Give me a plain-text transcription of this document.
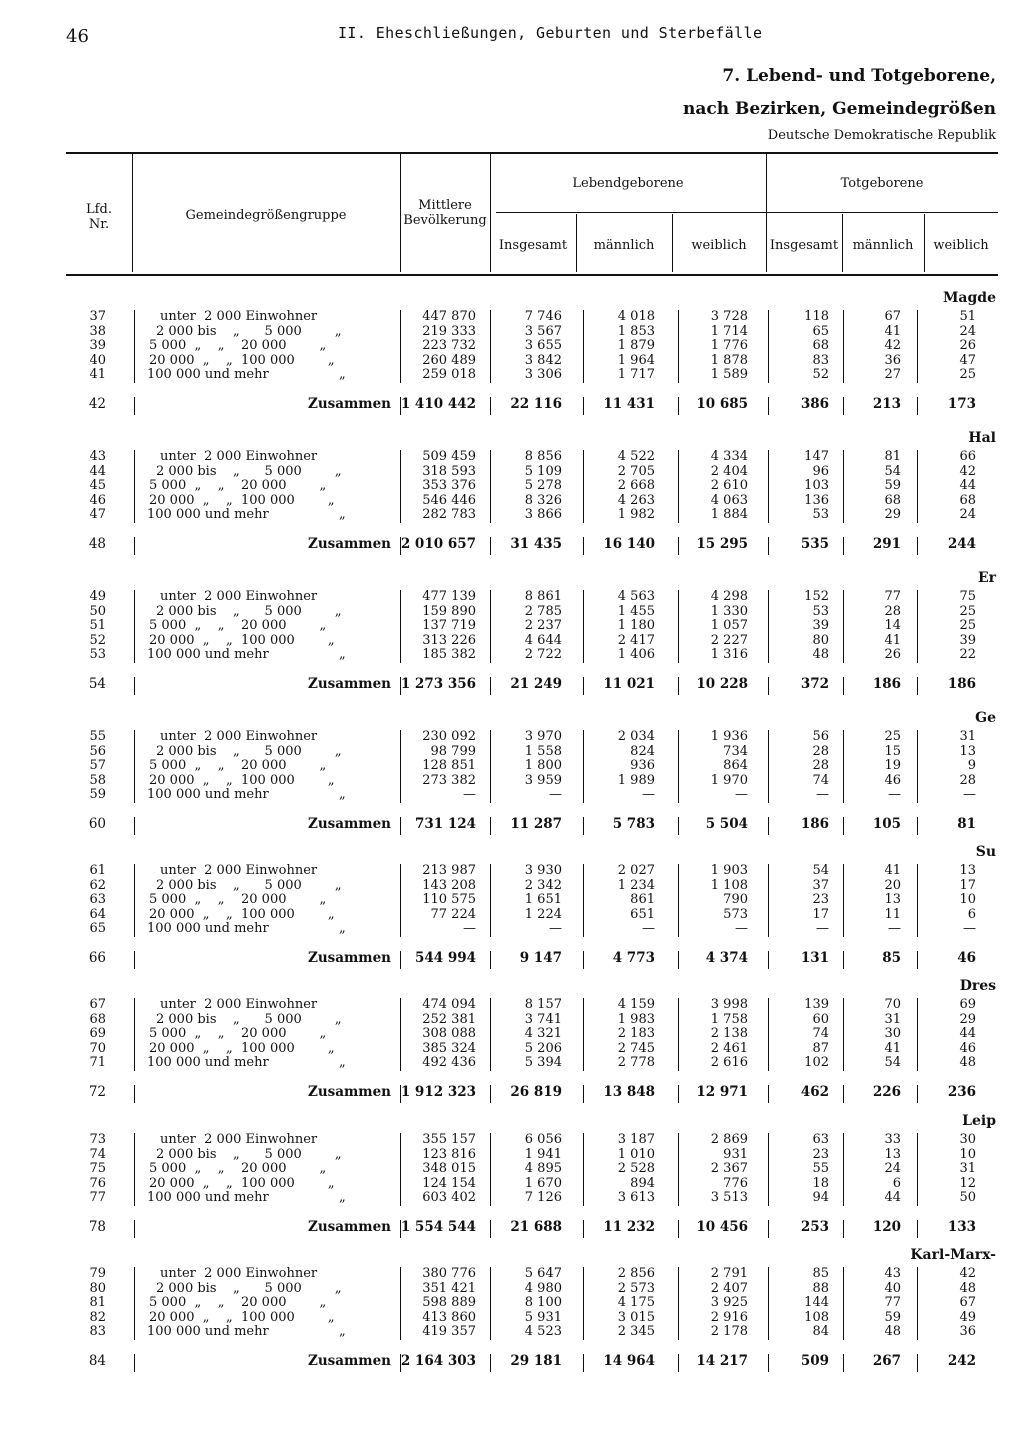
46	II. Eheschließungen, Geburten und Sterbefälle
7. Lebend- und Totgeborene,
nach Bezirken, Gemeindegrößen
Deutsche Demokratische Republik
Lfd.
Nr.
Gemeindegrößengruppe
Mittlere
Bevölkerung
Lebendgeborene	Totgeborene
Insgesamt	männlich	weiblich	Insgesamt	männlich	weiblich
Magde
37	unter  2 000 Einwohner	447 870	7 746	4 018	3 728	118	67	51
38	2 000 bis    „      5 000        „	219 333	3 567	1 853	1 714	65	41	24
39	5 000  „    „    20 000        „	223 732	3 655	1 879	1 776	68	42	26
40	20 000  „    „  100 000        „	260 489	3 842	1 964	1 878	83	36	47
41	100 000 und mehr                 „	259 018	3 306	1 717	1 589	52	27	25
42	Zusammen 1 410 442	22 116	11 431	10 685	386	213	173
Hal
43	unter  2 000 Einwohner	509 459	8 856	4 522	4 334	147	81	66
44	2 000 bis    „      5 000        „	318 593	5 109	2 705	2 404	96	54	42
45	5 000  „    „    20 000        „	353 376	5 278	2 668	2 610	103	59	44
46	20 000  „    „  100 000        „	546 446	8 326	4 263	4 063	136	68	68
47	100 000 und mehr                 „	282 783	3 866	1 982	1 884	53	29	24
48	Zusammen 2 010 657	31 435	16 140	15 295	535	291	244
Er
49	unter  2 000 Einwohner	477 139	8 861	4 563	4 298	152	77	75
50	2 000 bis    „      5 000        „	159 890	2 785	1 455	1 330	53	28	25
51	5 000  „    „    20 000        „	137 719	2 237	1 180	1 057	39	14	25
52	20 000  „    „  100 000        „	313 226	4 644	2 417	2 227	80	41	39
53	100 000 und mehr                 „	185 382	2 722	1 406	1 316	48	26	22
54	Zusammen 1 273 356	21 249	11 021	10 228	372	186	186
Ge
55	unter  2 000 Einwohner	230 092	3 970	2 034	1 936	56	25	31
56	2 000 bis    „      5 000        „	98 799	1 558	824	734	28	15	13
57	5 000  „    „    20 000        „	128 851	1 800	936	864	28	19	9
58	20 000  „    „  100 000        „	273 382	3 959	1 989	1 970	74	46	28
59	100 000 und mehr                 „	—	—	—	—	—	—	—
60	Zusammen	731 124	11 287	5 783	5 504	186	105	81
Su
61	unter  2 000 Einwohner	213 987	3 930	2 027	1 903	54	41	13
62	2 000 bis    „      5 000        „	143 208	2 342	1 234	1 108	37	20	17
63	5 000  „    „    20 000        „	110 575	1 651	861	790	23	13	10
64	20 000  „    „  100 000        „	77 224	1 224	651	573	17	11	6
65	100 000 und mehr                 „	—	—	—	—	—	—	—
66	Zusammen	544 994	9 147	4 773	4 374	131	85	46
Dres
67	unter  2 000 Einwohner	474 094	8 157	4 159	3 998	139	70	69
68	2 000 bis    „      5 000        „	252 381	3 741	1 983	1 758	60	31	29
69	5 000  „    „    20 000        „	308 088	4 321	2 183	2 138	74	30	44
70	20 000  „    „  100 000        „	385 324	5 206	2 745	2 461	87	41	46
71	100 000 und mehr                 „	492 436	5 394	2 778	2 616	102	54	48
72	Zusammen 1 912 323	26 819	13 848	12 971	462	226	236
Leip
73	unter  2 000 Einwohner	355 157	6 056	3 187	2 869	63	33	30
74	2 000 bis    „      5 000        „	123 816	1 941	1 010	931	23	13	10
75	5 000  „    „    20 000        „	348 015	4 895	2 528	2 367	55	24	31
76	20 000  „    „  100 000        „	124 154	1 670	894	776	18	6	12
77	100 000 und mehr                 „	603 402	7 126	3 613	3 513	94	44	50
78	Zusammen 1 554 544	21 688	11 232	10 456	253	120	133
Karl-Marx-
79	unter  2 000 Einwohner	380 776	5 647	2 856	2 791	85	43	42
80	2 000 bis    „      5 000        „	351 421	4 980	2 573	2 407	88	40	48
81	5 000  „    „    20 000        „	598 889	8 100	4 175	3 925	144	77	67
82	20 000  „    „  100 000        „	413 860	5 931	3 015	2 916	108	59	49
83	100 000 und mehr                 „	419 357	4 523	2 345	2 178	84	48	36
84	Zusammen 2 164 303	29 181	14 964	14 217	509	267	242
